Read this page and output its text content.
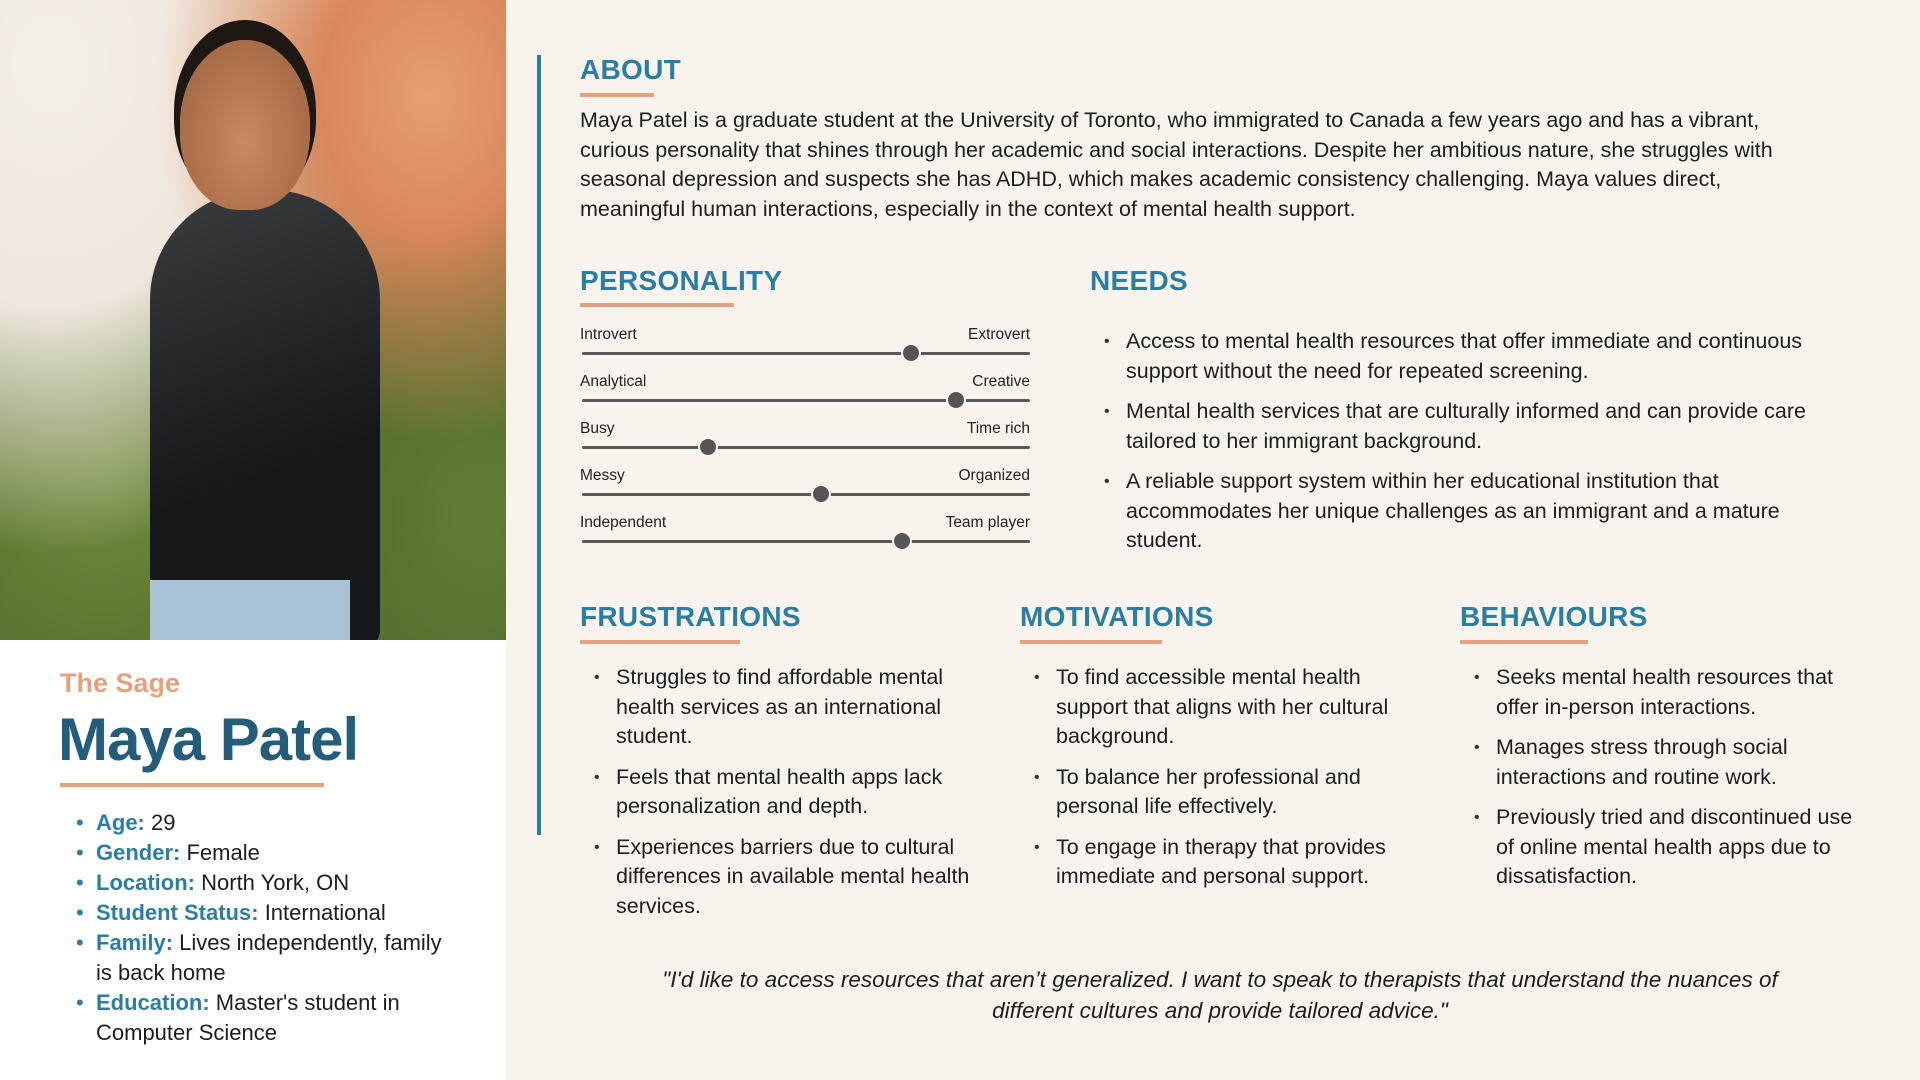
The Sage
Maya Patel
• Age: 29
• Gender: Female
• Location: North York, ON
• Student Status: International
• Family: Lives independently, family is back home
• Education: Master's student in Computer Science
ABOUT
Maya Patel is a graduate student at the University of Toronto, who immigrated to Canada a few years ago and has a vibrant, curious personality that shines through her academic and social interactions. Despite her ambitious nature, she struggles with seasonal depression and suspects she has ADHD, which makes academic consistency challenging. Maya values direct, meaningful human interactions, especially in the context of mental health support.
PERSONALITY
Introvert	Extrovert
Analytical	Creative
Busy	Time rich
Messy	Organized
Independent	Team player
NEEDS
• Access to mental health resources that offer immediate and continuous support without the need for repeated screening.
• Mental health services that are culturally informed and can provide care tailored to her immigrant background.
• A reliable support system within her educational institution that accommodates her unique challenges as an immigrant and a mature student.
FRUSTRATIONS
• Struggles to find affordable mental health services as an international student.
• Feels that mental health apps lack personalization and depth.
• Experiences barriers due to cultural differences in available mental health services.
MOTIVATIONS
• To find accessible mental health support that aligns with her cultural background.
• To balance her professional and personal life effectively.
• To engage in therapy that provides immediate and personal support.
BEHAVIOURS
• Seeks mental health resources that offer in-person interactions.
• Manages stress through social interactions and routine work.
• Previously tried and discontinued use of online mental health apps due to dissatisfaction.
"I'd like to access resources that aren’t generalized. I want to speak to therapists that understand the nuances of different cultures and provide tailored advice."
